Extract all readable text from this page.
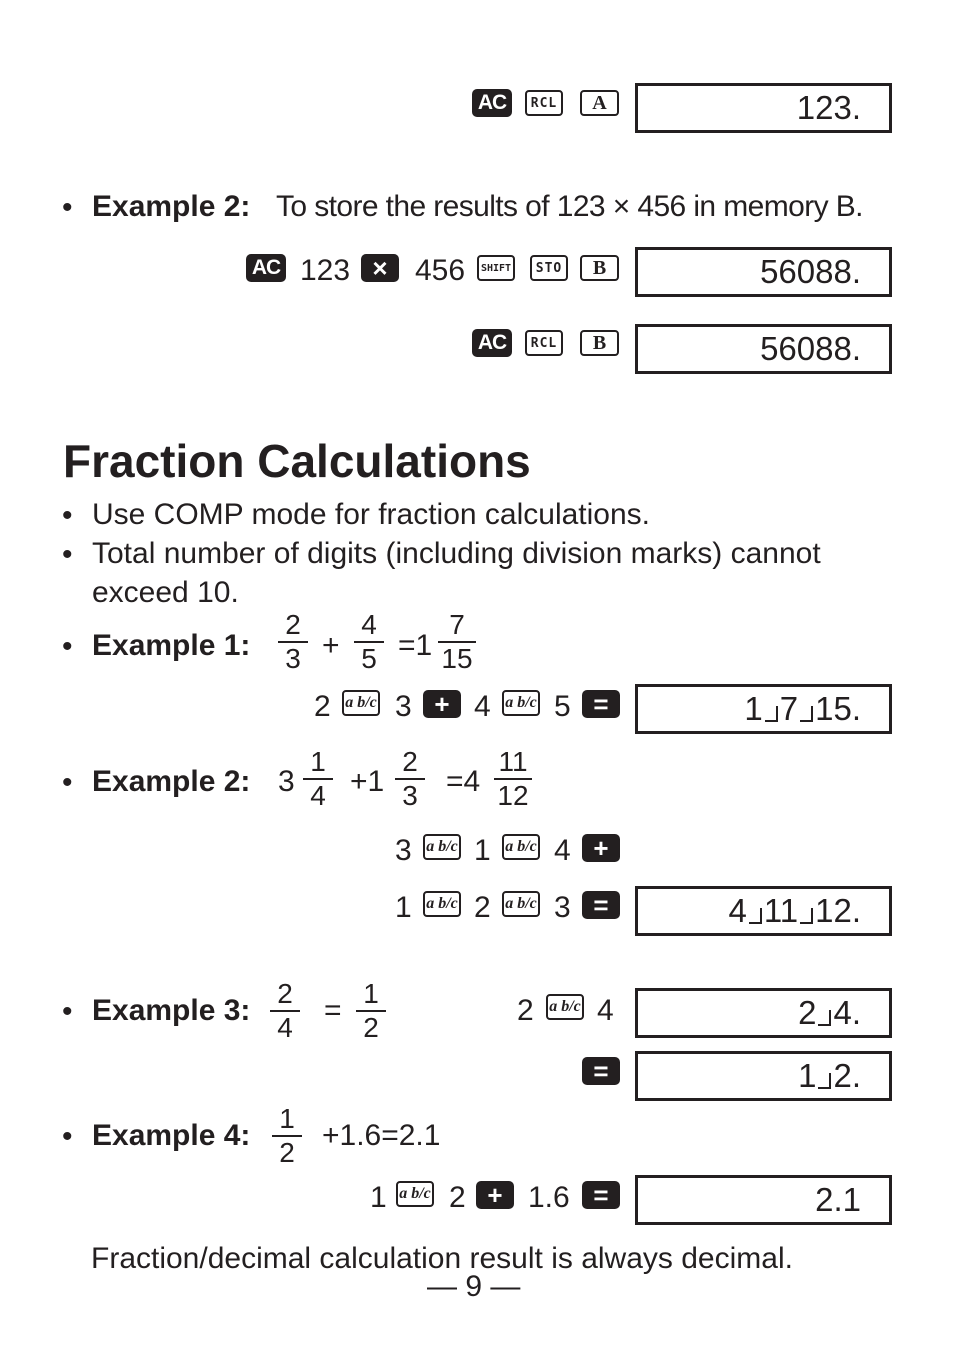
AC	RCL	A	123.
• Example 2: To store the results of 123 × 456 in memory B.
AC 123 × 456	SHIFT	STO	B	56088.
AC	RCL	B	56088.
Fraction Calculations
• Use COMP mode for fraction calculations.
• Total number of digits (including division marks) cannot
exceed 10.
• Example 1:
2
3 +
4
5 =1
7
15
2 a b/c 3 + 4 a b/c 5 =	1 7 15.
• Example 2: 3
1
4 +1
2
3 =4
11
12
3 a b/c 1 a b/c 4 +
1 a b/c 2 a b/c 3 =	4 11 12.
• Example 3:
2
4
=
1
2
2 a b/c 4	2 4.
=	1 2.
• Example 4:
1
2
+1.6=2.1
1 a b/c 2 + 1.6 =	2.1
Fraction/decimal calculation result is always decimal.
— 9 —
